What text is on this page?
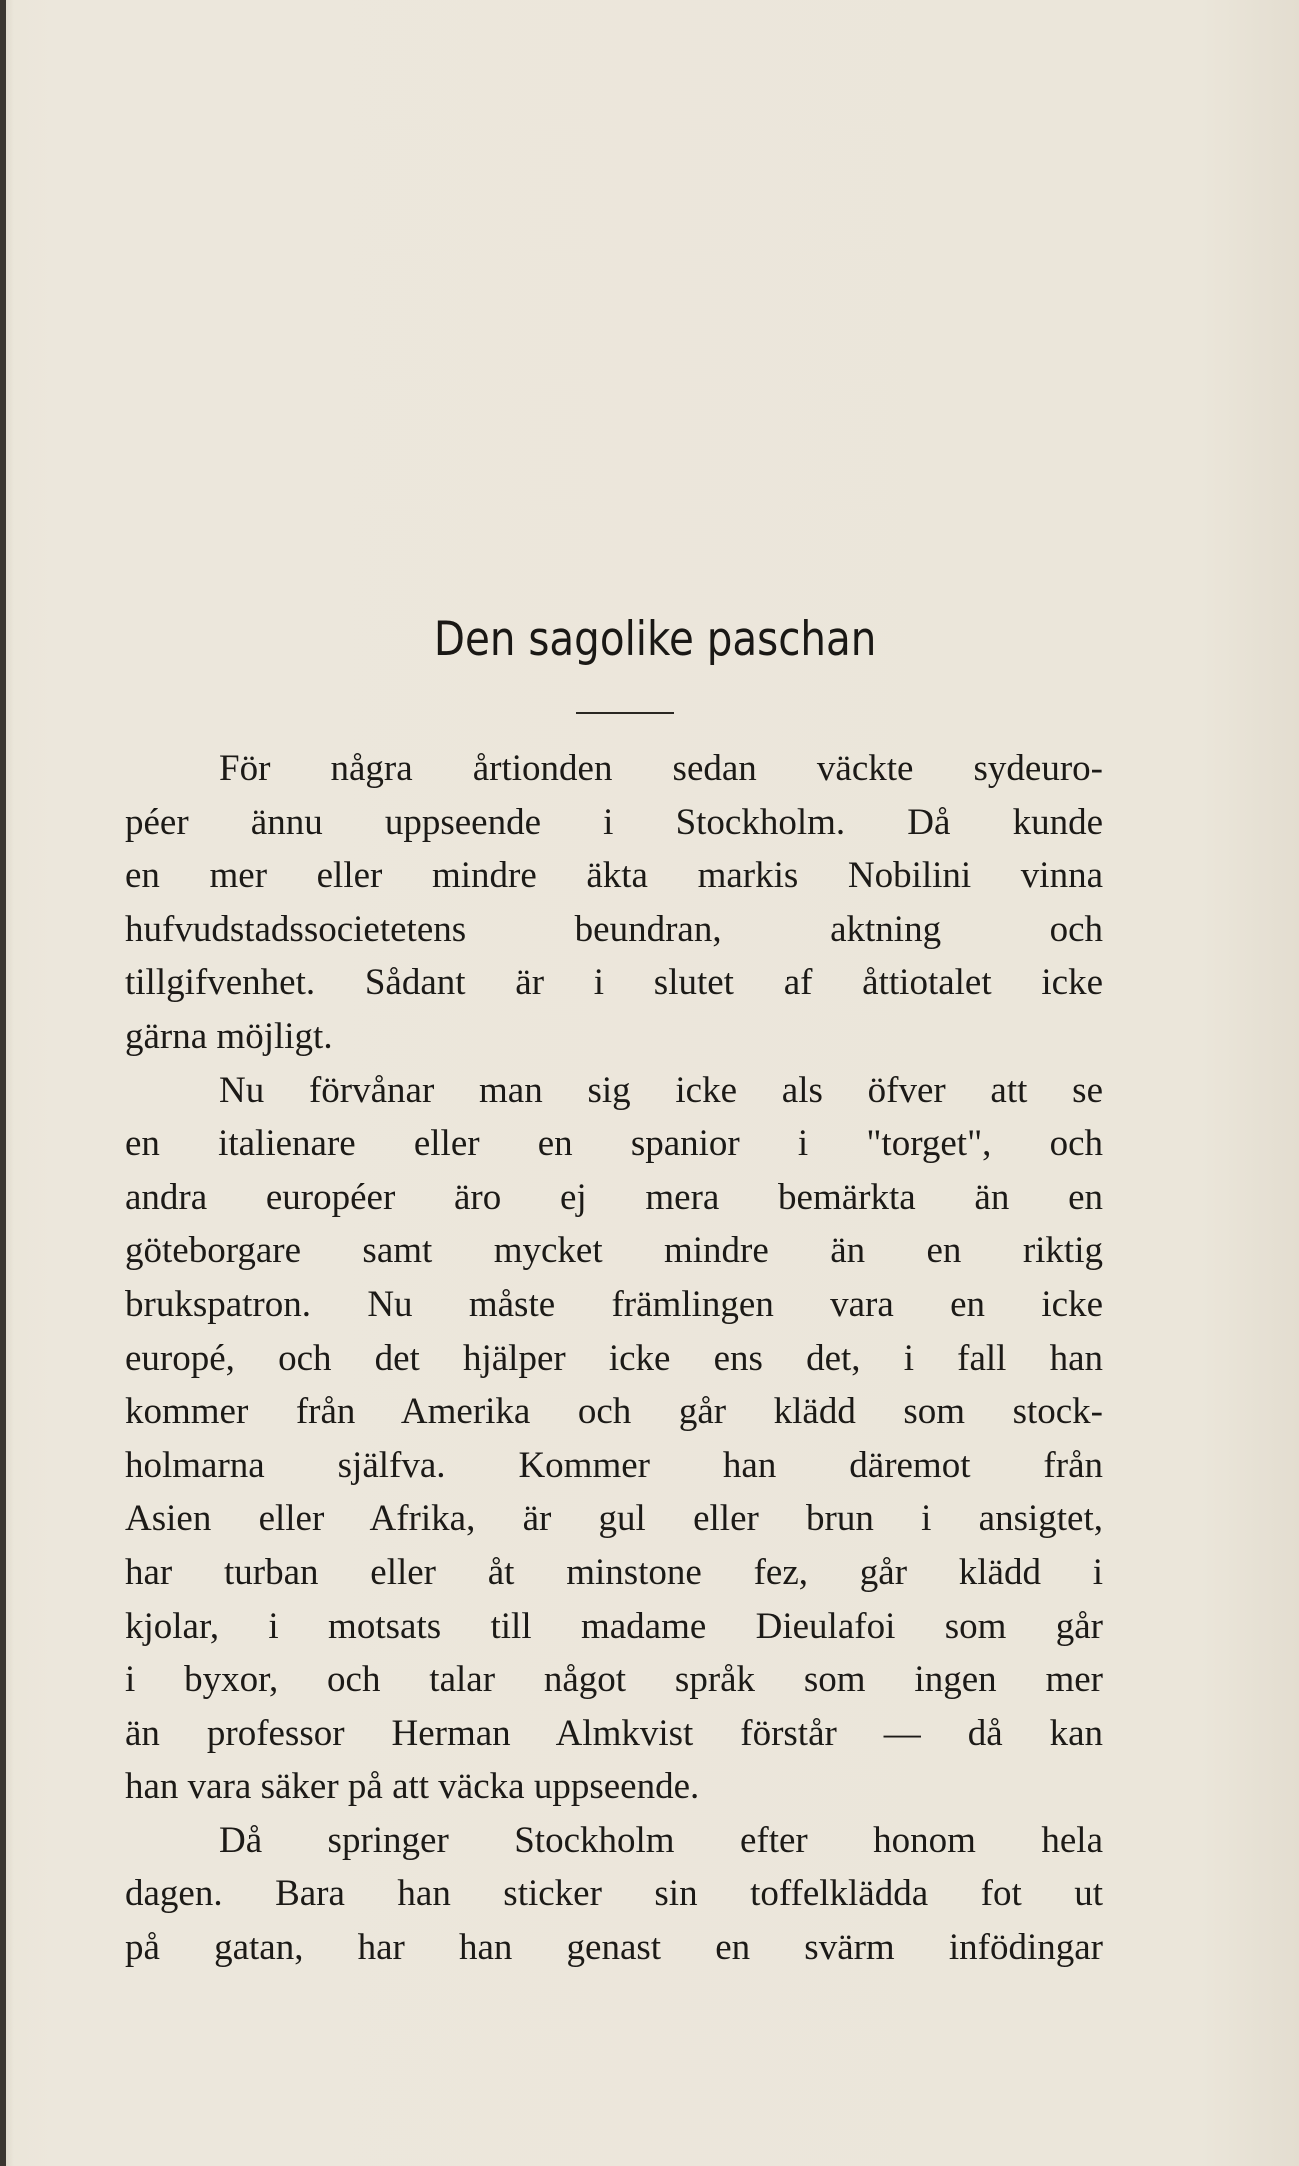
Den sagolike paschan
För några årtionden sedan väckte sydeuro-
péer ännu uppseende i Stockholm. Då kunde
en mer eller mindre äkta markis Nobilini vinna
hufvudstadssocietetens beundran, aktning och
tillgifvenhet. Sådant är i slutet af åttiotalet icke
gärna möjligt.
Nu förvånar man sig icke als öfver att se
en italienare eller en spanior i "torget", och
andra européer äro ej mera bemärkta än en
göteborgare samt mycket mindre än en riktig
brukspatron. Nu måste främlingen vara en icke
europé, och det hjälper icke ens det, i fall han
kommer från Amerika och går klädd som stock-
holmarna själfva. Kommer han däremot från
Asien eller Afrika, är gul eller brun i ansigtet,
har turban eller åt minstone fez, går klädd i
kjolar, i motsats till madame Dieulafoi som går
i byxor, och talar något språk som ingen mer
än professor Herman Almkvist förstår — då kan
han vara säker på att väcka uppseende.
Då springer Stockholm efter honom hela
dagen. Bara han sticker sin toffelklädda fot ut
på gatan, har han genast en svärm infödingar
